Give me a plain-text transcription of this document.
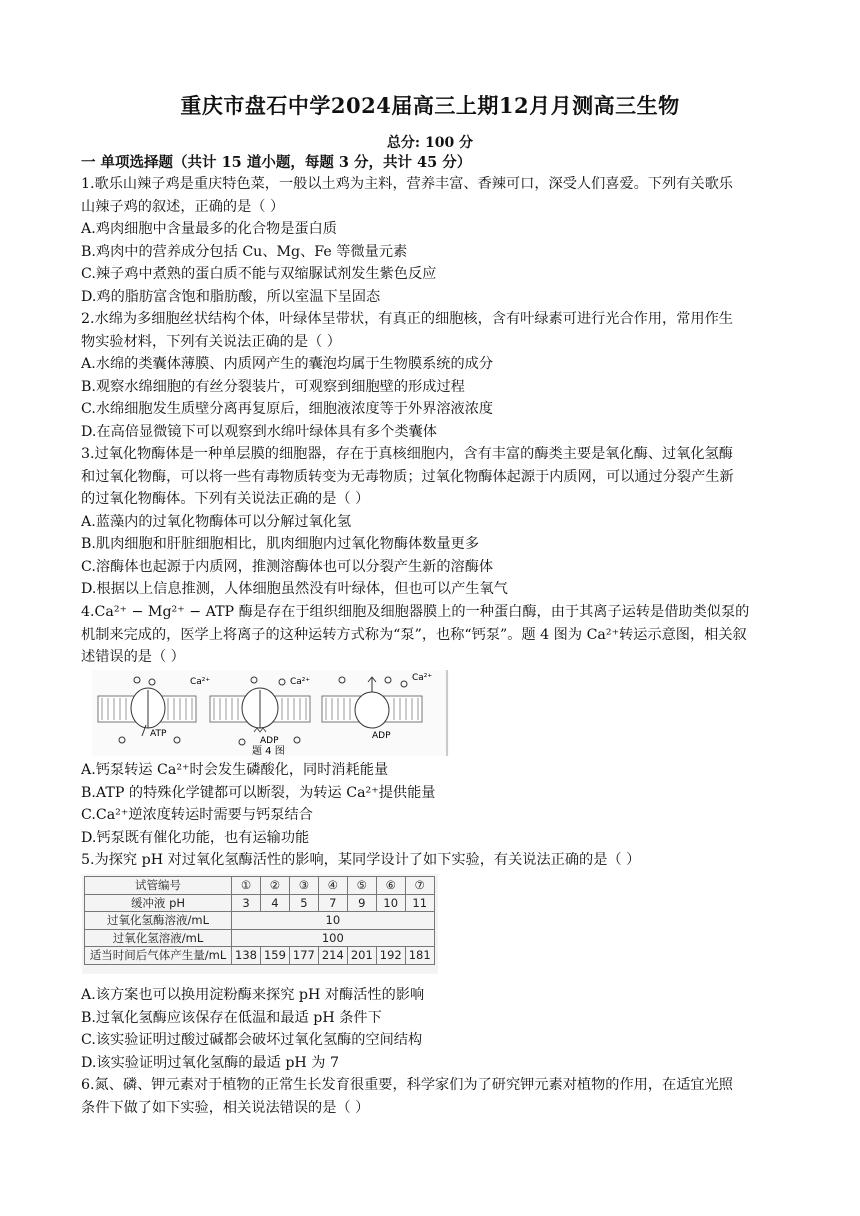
重庆市盘石中学2024届高三上期12月月测高三生物
总分: 100 分
一 单项选择题（共计 15 道小题，每题 3 分，共计 45 分）
1.歌乐山辣子鸡是重庆特色菜，一般以土鸡为主料，营养丰富、香辣可口，深受人们喜爱。下列有关歌乐
山辣子鸡的叙述，正确的是（ ）
A.鸡肉细胞中含量最多的化合物是蛋白质
B.鸡肉中的营养成分包括 Cu、Mg、Fe 等微量元素
C.辣子鸡中煮熟的蛋白质不能与双缩脲试剂发生紫色反应
D.鸡的脂肪富含饱和脂肪酸，所以室温下呈固态
2.水绵为多细胞丝状结构个体，叶绿体呈带状，有真正的细胞核，含有叶绿素可进行光合作用，常用作生
物实验材料，下列有关说法正确的是（ ）
A.水绵的类囊体薄膜、内质网产生的囊泡均属于生物膜系统的成分
B.观察水绵细胞的有丝分裂装片，可观察到细胞壁的形成过程
C.水绵细胞发生质壁分离再复原后，细胞液浓度等于外界溶液浓度
D.在高倍显微镜下可以观察到水绵叶绿体具有多个类囊体
3.过氧化物酶体是一种单层膜的细胞器，存在于真核细胞内，含有丰富的酶类主要是氧化酶、过氧化氢酶
和过氧化物酶，可以将一些有毒物质转变为无毒物质；过氧化物酶体起源于内质网，可以通过分裂产生新
的过氧化物酶体。下列有关说法正确的是（ ）
A.蓝藻内的过氧化物酶体可以分解过氧化氢
B.肌肉细胞和肝脏细胞相比，肌肉细胞内过氧化物酶体数量更多
C.溶酶体也起源于内质网，推测溶酶体也可以分裂产生新的溶酶体
D.根据以上信息推测，人体细胞虽然没有叶绿体，但也可以产生氧气
4.Ca²⁺ − Mg²⁺ − ATP 酶是存在于组织细胞及细胞器膜上的一种蛋白酶，由于其离子运转是借助类似泵的
机制来完成的，医学上将离子的这种运转方式称为“泵”，也称“钙泵”。题 4 图为 Ca²⁺转运示意图，相关叙
述错误的是（ ）
Ca²⁺	Ca²⁺	Ca²⁺
ATP
ADP	ADP
题 4 图
A.钙泵转运 Ca²⁺时会发生磷酸化，同时消耗能量
B.ATP 的特殊化学键都可以断裂，为转运 Ca²⁺提供能量
C.Ca²⁺逆浓度转运时需要与钙泵结合
D.钙泵既有催化功能，也有运输功能
5.为探究 pH 对过氧化氢酶活性的影响，某同学设计了如下实验，有关说法正确的是（ ）
试管编号	①	②	③	④	⑤	⑥	⑦
缓冲液 pH	3	4	5	7	9	10	11
过氧化氢酶溶液/mL	10						
过氧化氢溶液/mL	100						
适当时间后气体产生量/mL	138	159	177	214	201	192	181
A.该方案也可以换用淀粉酶来探究 pH 对酶活性的影响
B.过氧化氢酶应该保存在低温和最适 pH 条件下
C.该实验证明过酸过碱都会破坏过氧化氢酶的空间结构
D.该实验证明过氧化氢酶的最适 pH 为 7
6.氮、磷、钾元素对于植物的正常生长发育很重要，科学家们为了研究钾元素对植物的作用，在适宜光照
条件下做了如下实验，相关说法错误的是（ ）
